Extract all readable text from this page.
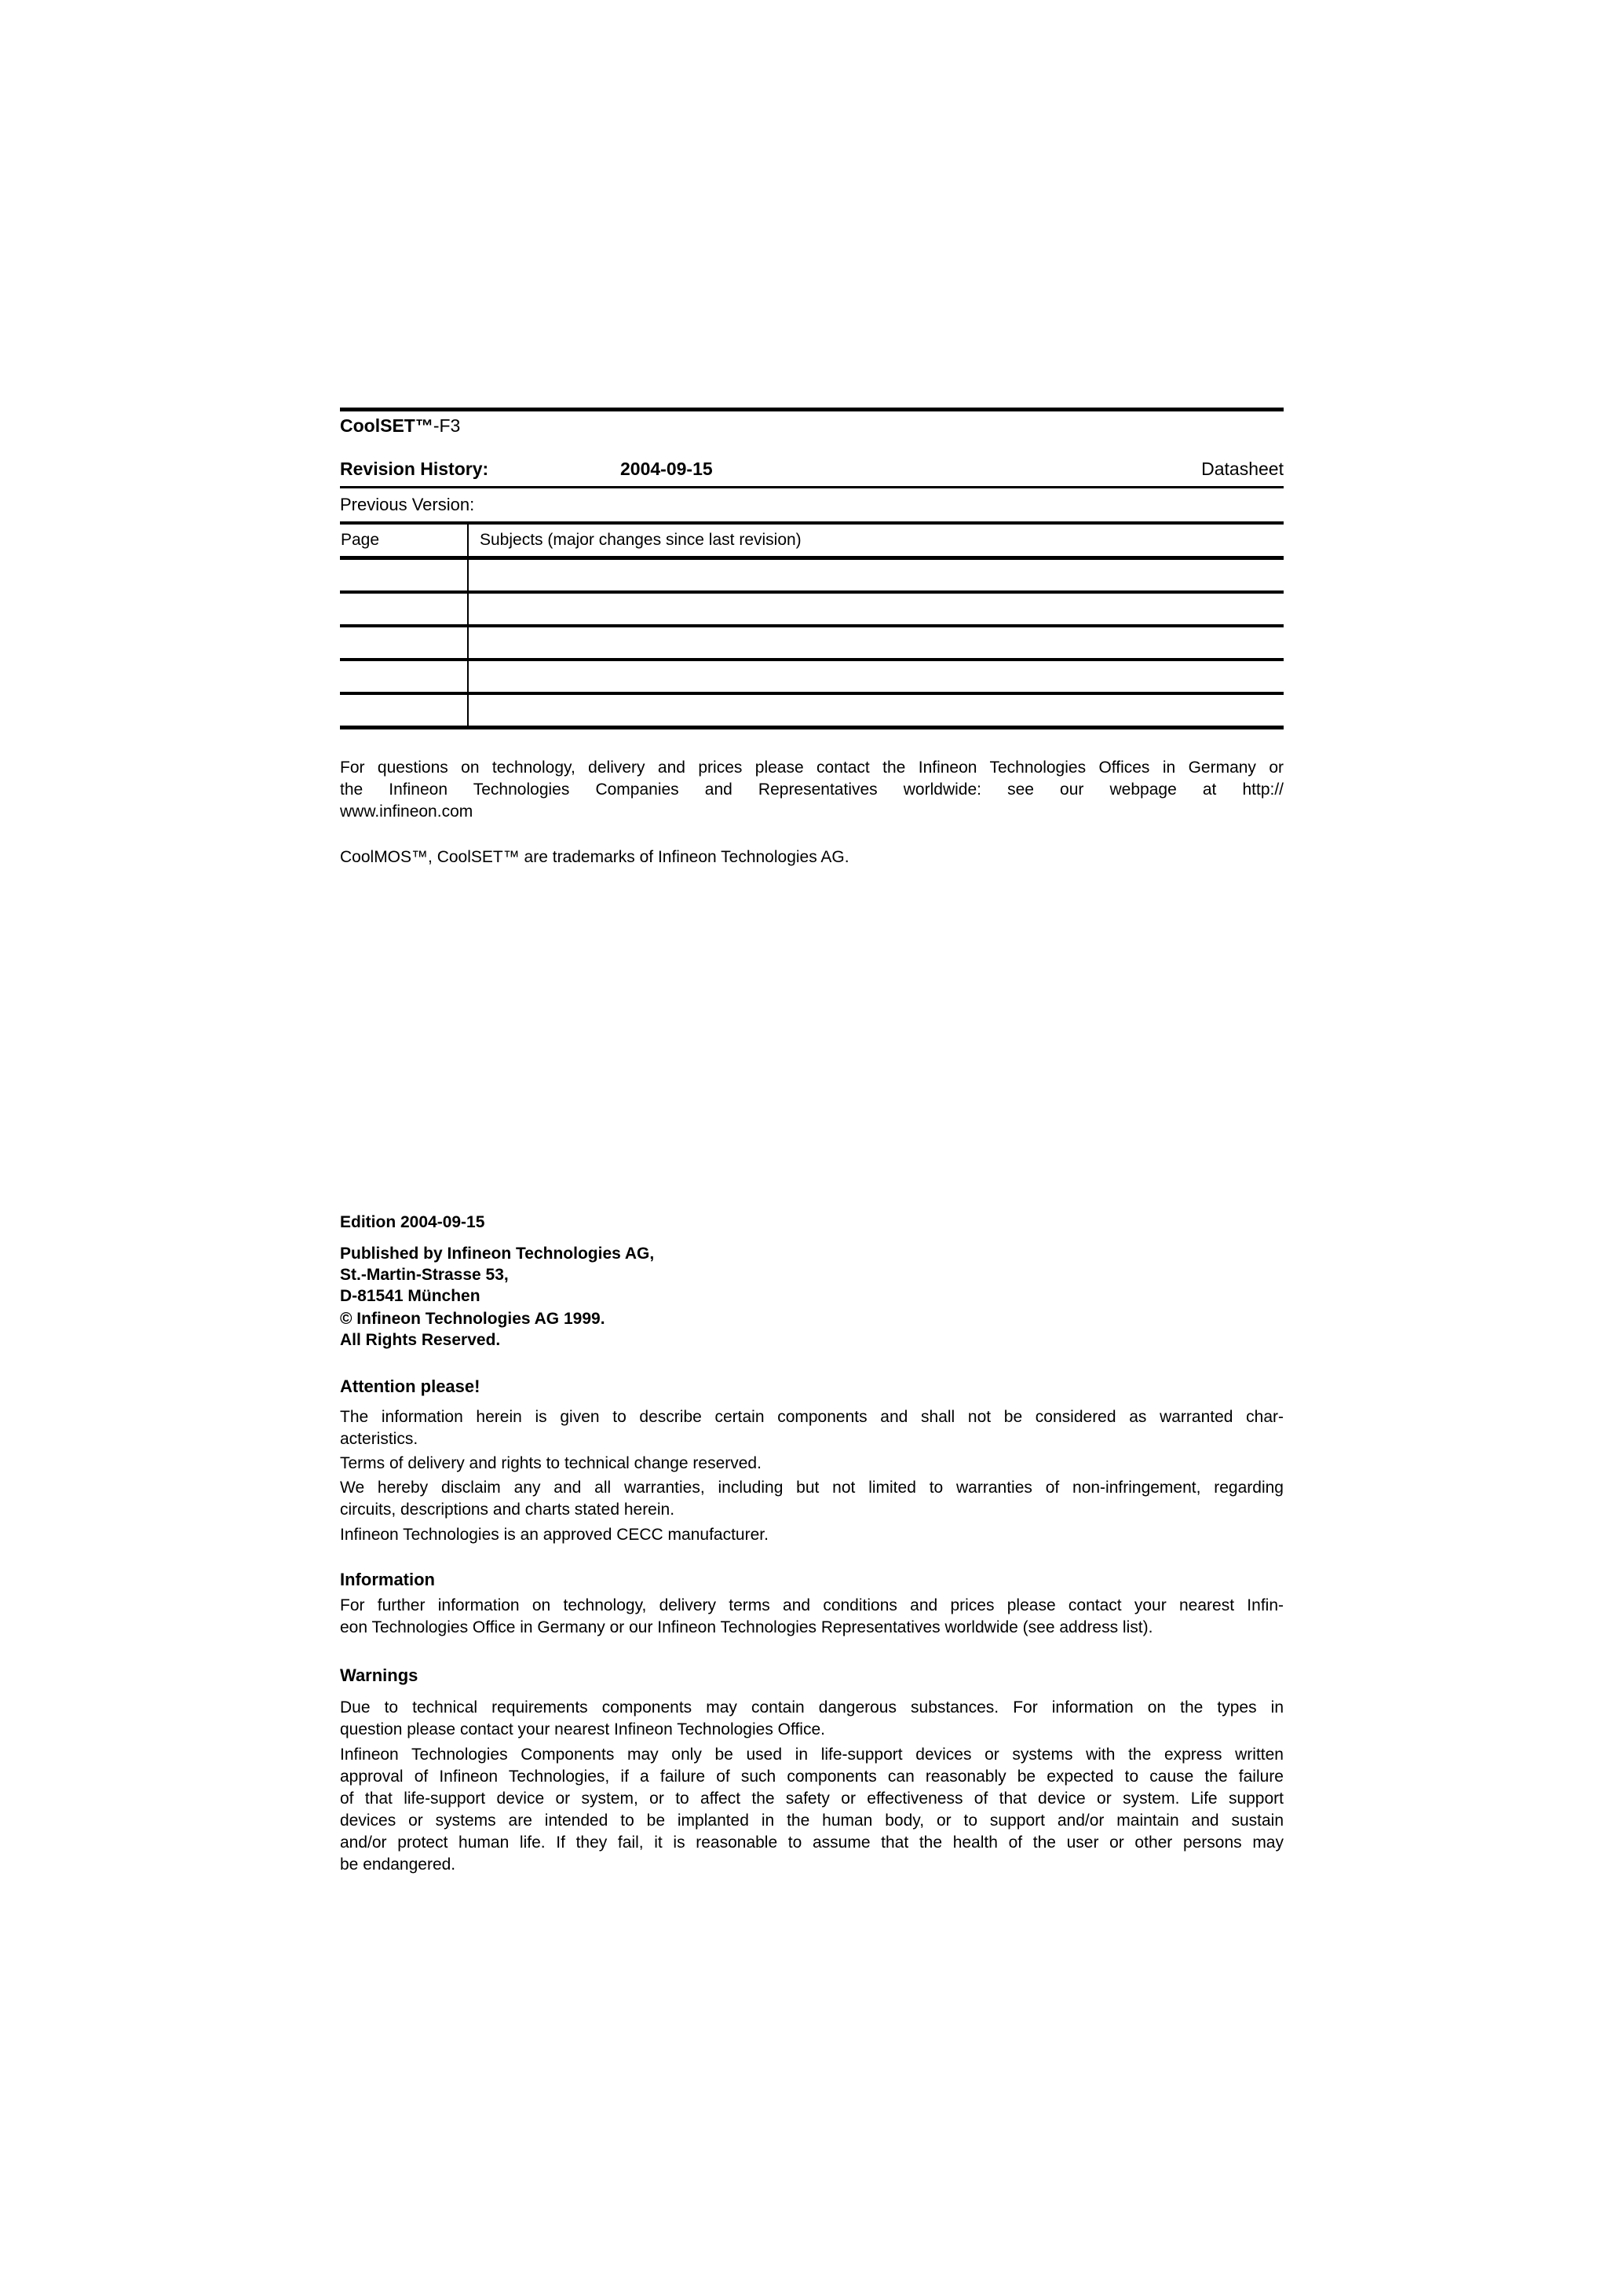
CoolSET™-F3
Revision History:	2004-09-15	Datasheet
Previous Version:
Page	Subjects (major changes since last revision)
For questions on technology, delivery and prices please contact the Infineon Technologies Offices in Germany or
the Infineon Technologies Companies and Representatives worldwide: see our webpage at http://
www.infineon.com
CoolMOS™, CoolSET™ are trademarks of Infineon Technologies AG.
Edition 2004-09-15
Published by Infineon Technologies AG,
St.-Martin-Strasse 53,
D-81541 München
© Infineon Technologies AG 1999.
All Rights Reserved.
Attention please!
The information herein is given to describe certain components and shall not be considered as warranted char-
acteristics.
Terms of delivery and rights to technical change reserved.
We hereby disclaim any and all warranties, including but not limited to warranties of non-infringement, regarding
circuits, descriptions and charts stated herein.
Infineon Technologies is an approved CECC manufacturer.
Information
For further information on technology, delivery terms and conditions and prices please contact your nearest Infin-
eon Technologies Office in Germany or our Infineon Technologies Representatives worldwide (see address list).
Warnings
Due to technical requirements components may contain dangerous substances. For information on the types in
question please contact your nearest Infineon Technologies Office.
Infineon Technologies Components may only be used in life-support devices or systems with the express written
approval of Infineon Technologies, if a failure of such components can reasonably be expected to cause the failure
of that life-support device or system, or to affect the safety or effectiveness of that device or system. Life support
devices or systems are intended to be implanted in the human body, or to support and/or maintain and sustain
and/or protect human life. If they fail, it is reasonable to assume that the health of the user or other persons may
be endangered.
